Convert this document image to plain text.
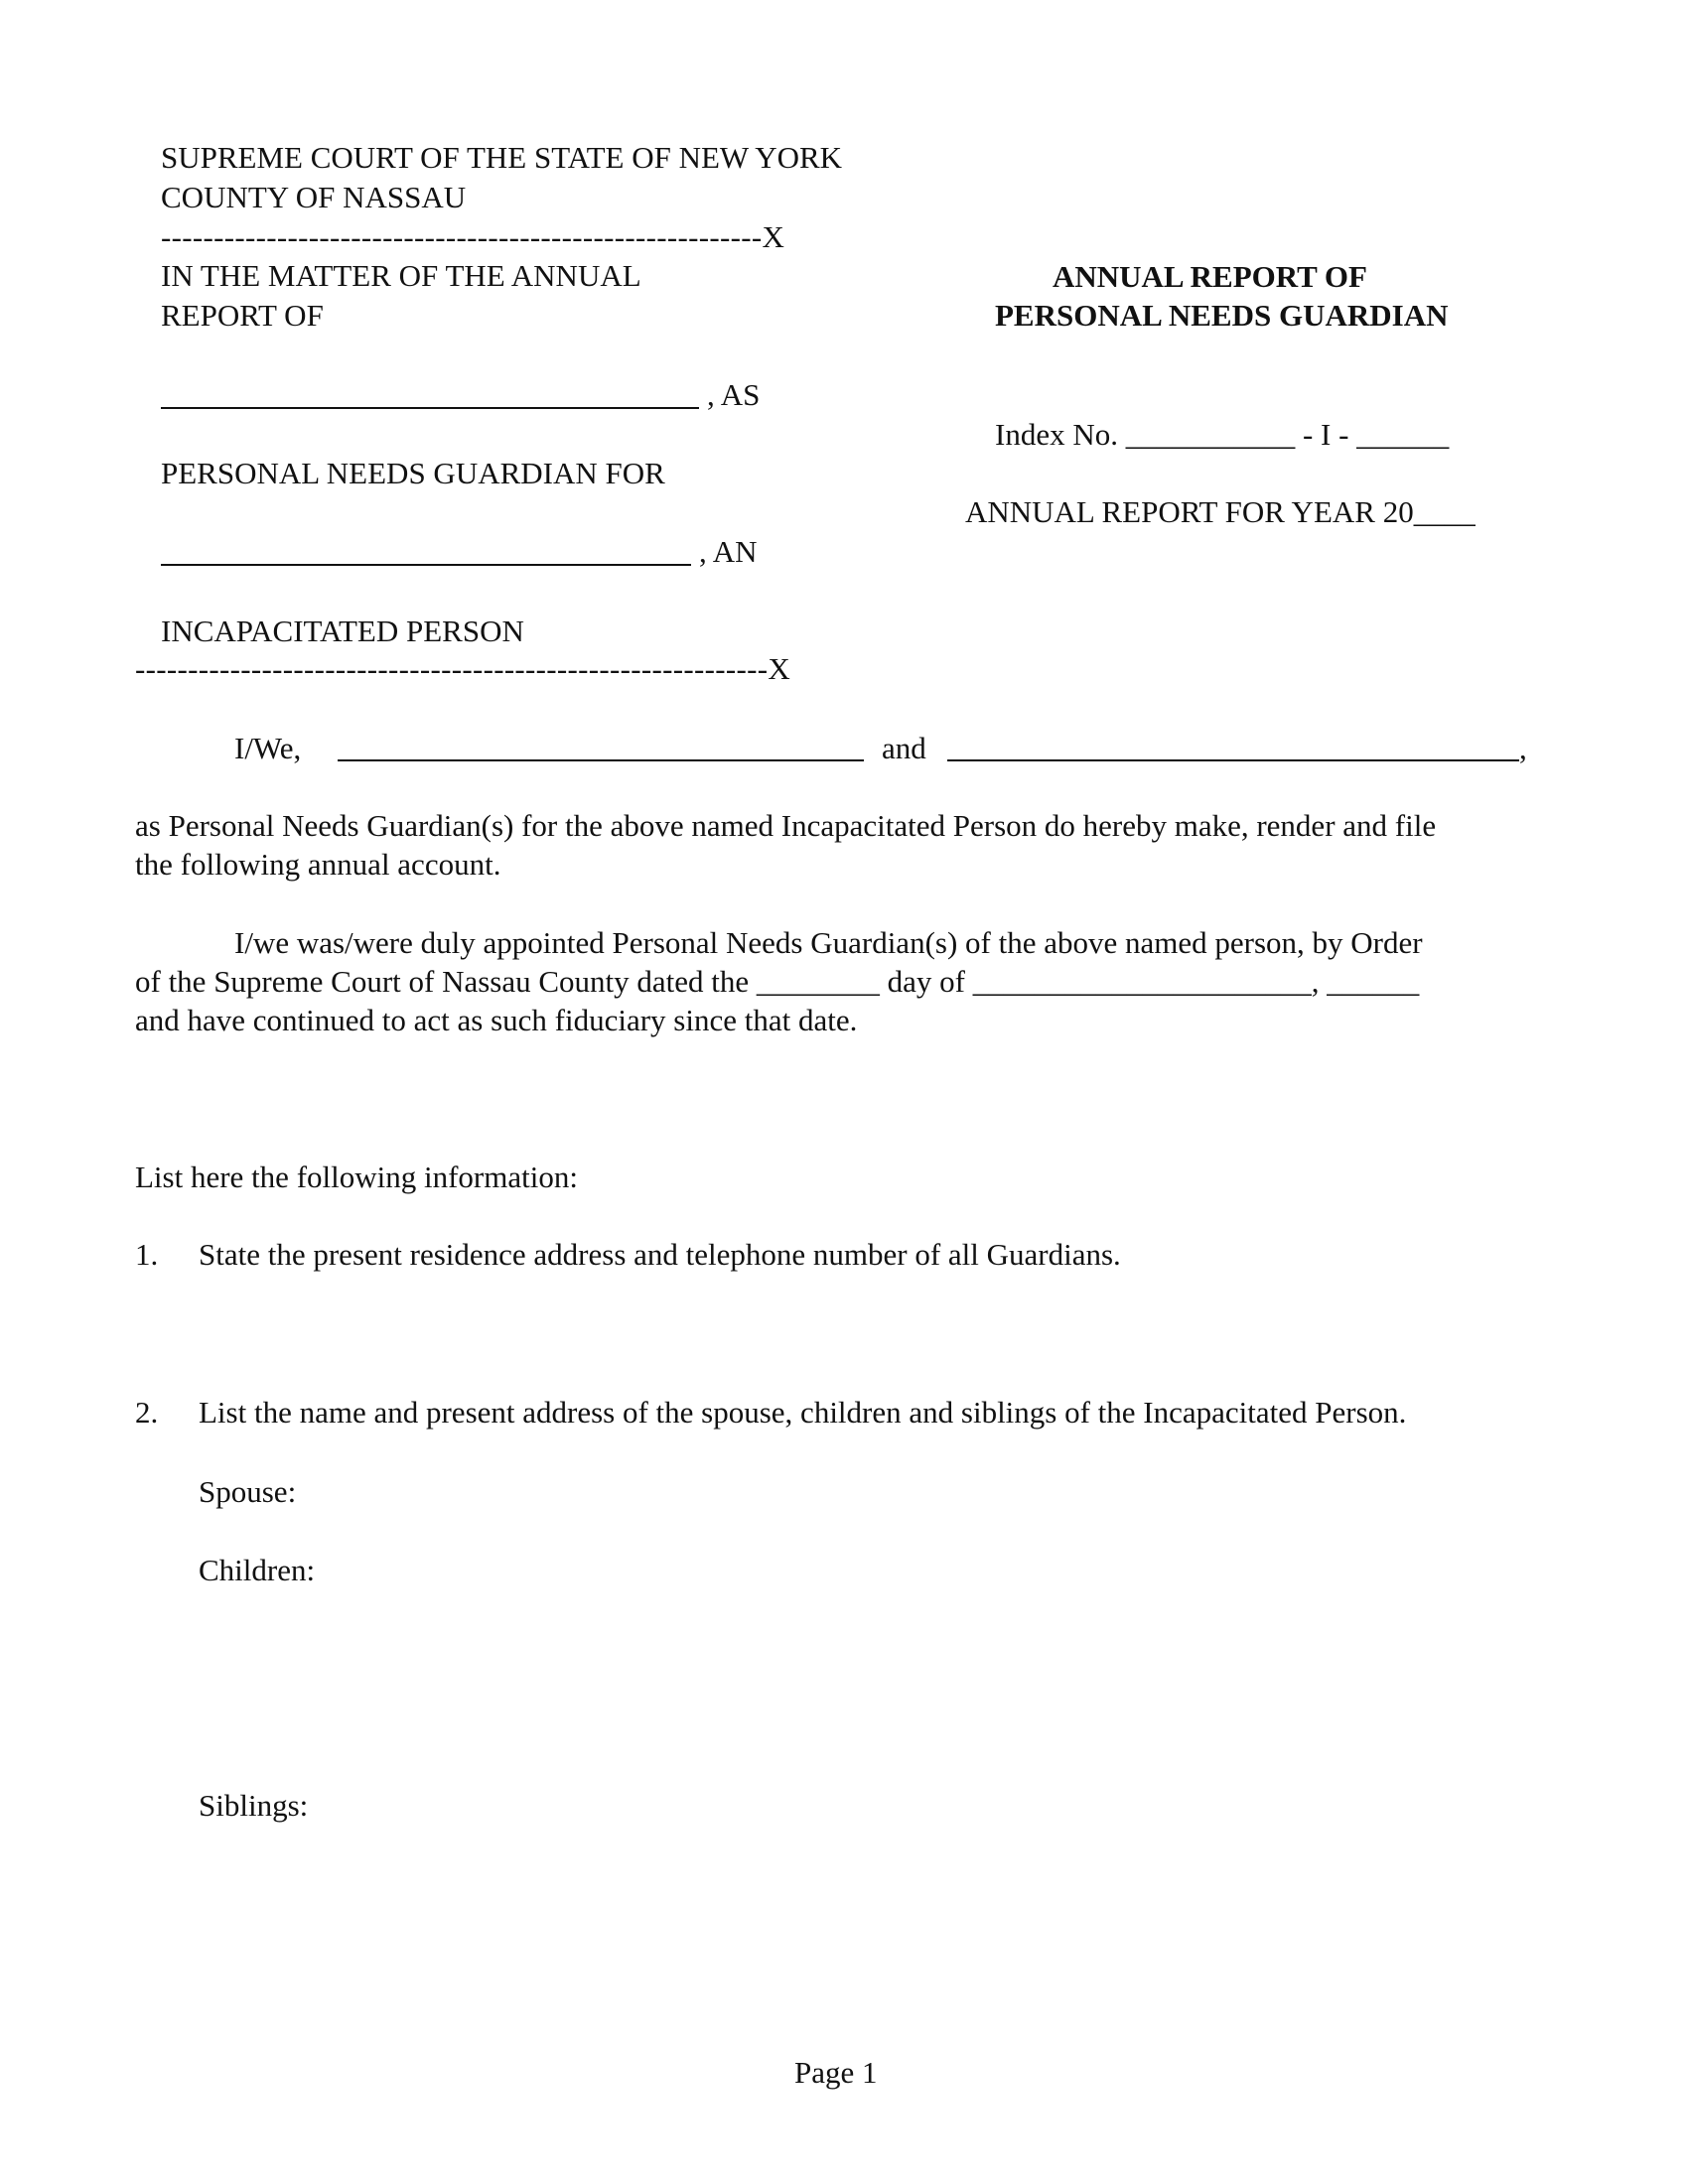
SUPREME COURT OF THE STATE OF NEW YORK
COUNTY OF NASSAU
---------------------------------------------------------X
IN THE MATTER OF THE ANNUAL
REPORT OF
, AS
PERSONAL NEEDS GUARDIAN FOR
, AN
INCAPACITATED PERSON
------------------------------------------------------------X
ANNUAL REPORT OF
PERSONAL NEEDS GUARDIAN
Index No. ___________ - I - ______
ANNUAL REPORT FOR YEAR 20____
I/We,	and	,
as Personal Needs Guardian(s) for the above named Incapacitated Person do hereby make, render and file
the following annual account.
I/we was/were duly appointed Personal Needs Guardian(s) of the above named person, by Order
of the Supreme Court of Nassau County dated the ________ day of ______________________, ______
and have continued to act as such fiduciary since that date.
List here the following information:
1. State the present residence address and telephone number of all Guardians.
2. List the name and present address of the spouse, children and siblings of the Incapacitated Person.
Spouse:
Children:
Siblings:
Page 1
